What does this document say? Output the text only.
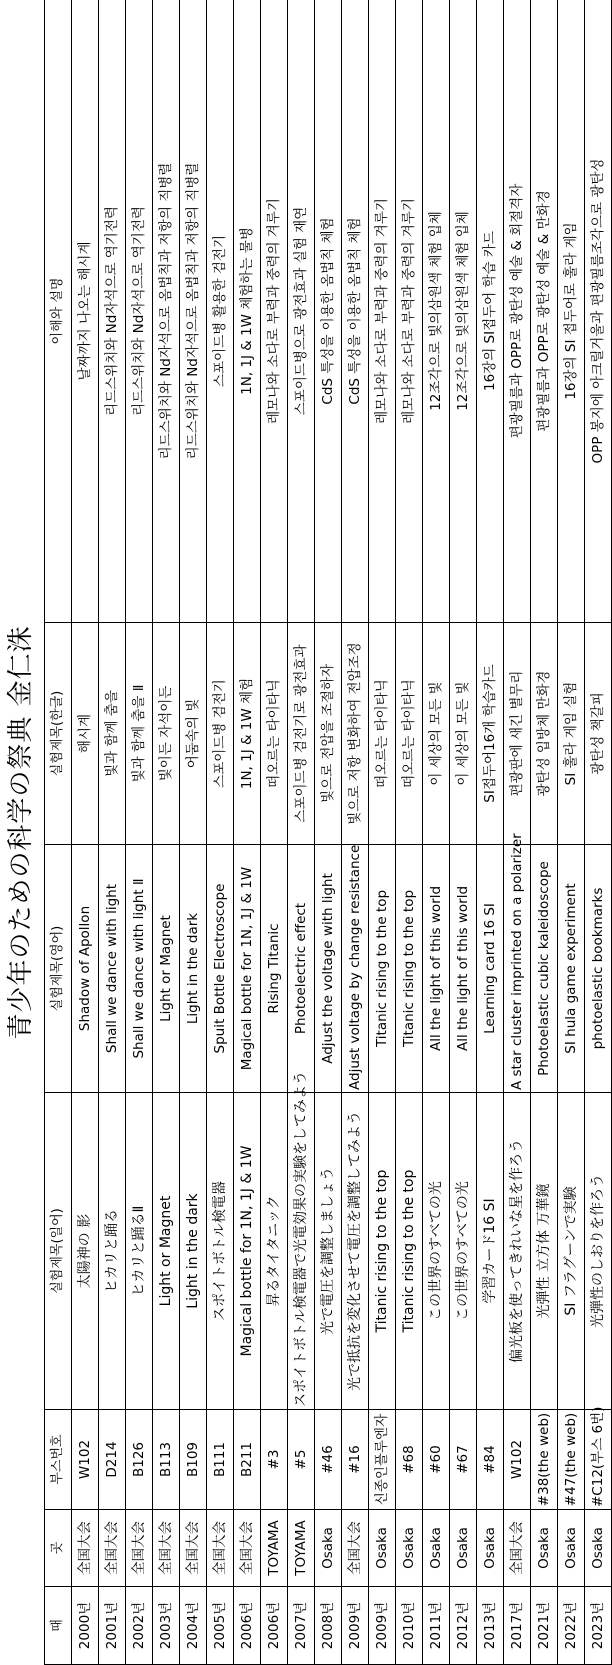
青少年のための科学の祭典 金仁洙
때	곳	부스번호	실험제목(일어)	실험제목(영어)	실험제목(한글)	이해와 설명
2000년	全国大会	W102	太陽神の 影	Shadow of Apollon	해시계	날짜까지 나오는 해시계
2001년	全国大会	D214	ヒカリと踊る	Shall we dance with light	빛과 함께 춤을	리드스위치와 Nd자석으로 역기전력
2002년	全国大会	B126	ヒカリと踊るⅡ	Shall we dance with light Ⅱ	빛과 함께 춤을 Ⅱ	리드스위치와 Nd자석으로 역기전력
2003년	全国大会	B113	Light or Magnet	Light or Magnet	빛이든 자석이든	리드스위치와 Nd자석으로 옴법칙과 저항의 직병렬
2004년	全国大会	B109	Light in the dark	Light in the dark	어둠속의 빛	리드스위치와 Nd자석으로 옴법칙과 저항의 직병렬
2005년	全国大会	B111	スポイトボトル検電器	Spuit Bottle Electroscope	스포이드병 검전기	스포이드병 활용한 검전기
2006년	全国大会	B211	Magical bottle for 1N, 1J & 1W	Magical bottle for 1N, 1J & 1W	1N, 1J & 1W 체험	1N, 1J & 1W 체험하는 물병
2006년	TOYAMA	#3	昇るタイタニック	Rising Titanic	떠오르는 타이타닉	레모나와 소다로 부력과 중력의 겨루기
2007년	TOYAMA	#5	スポイトボトル検電器で光電効果の実験をしてみよう	Photoelectric effect	스포이드병 검전기로 광전효과	스포이드병으로 광전효과 실험 재연
2008년	Osaka	#46	光で電圧を調整しましょう	Adjust the voltage with light	빛으로 전압을 조절하자	CdS 특성을 이용한 옴법칙 체험
2009년	全国大会	#16	光で抵抗を変化させて電圧を調整してみよう	Adjust voltage by change resistance	빛으로 저항 변화하여 전압조정	CdS 특성을 이용한 옴법칙 체험
2009년	Osaka	신종인플루엔자	Titanic rising to the top	Titanic rising to the top	떠오르는 타이타닉	레모나와 소다로 부력과 중력의 겨루기
2010년	Osaka	#68	Titanic rising to the top	Titanic rising to the top	떠오르는 타이타닉	레모나와 소다로 부력과 중력의 겨루기
2011년	Osaka	#60	この世界のすべての光	All the light of this world	이 세상의 모든 빛	12조각으로 빛의삼원색 체험 입체
2012년	Osaka	#67	この世界のすべての光	All the light of this world	이 세상의 모든 빛	12조각으로 빛의삼원색 체험 입체
2013년	Osaka	#84	学習カード16 SI	Learning card 16 SI	SI접두어16개 학습카드	16장의 SI접두어 학습 카드
2017년	全国大会	W102	偏光板を使ってきれいな星を作ろう	A star cluster imprinted on a polarizer	편광판에 새긴 별무리	편광필름과 OPP로 광탄성 예술 & 회절격자
2021년	Osaka	#38(the web)	光弾性 立方体 万華鏡	Photoelastic cubic kaleidoscope	광탄성 입방체 만화경	편광필름과 OPP로 광탄성 예술 & 만화경
2022년	Osaka	#47(the web)	SI フラグーンで実験	SI hula game experiment	SI 훌라 게임 실험	16장의 SI 접두어로 훌라 게임
2023년	Osaka	#C12(부스 6번)	光弾性のしおりを作ろう	photoelastic bookmarks	광탄성 책갈피	OPP 봉지에 아크릴거울과 편광필름조각으로 광탄성
